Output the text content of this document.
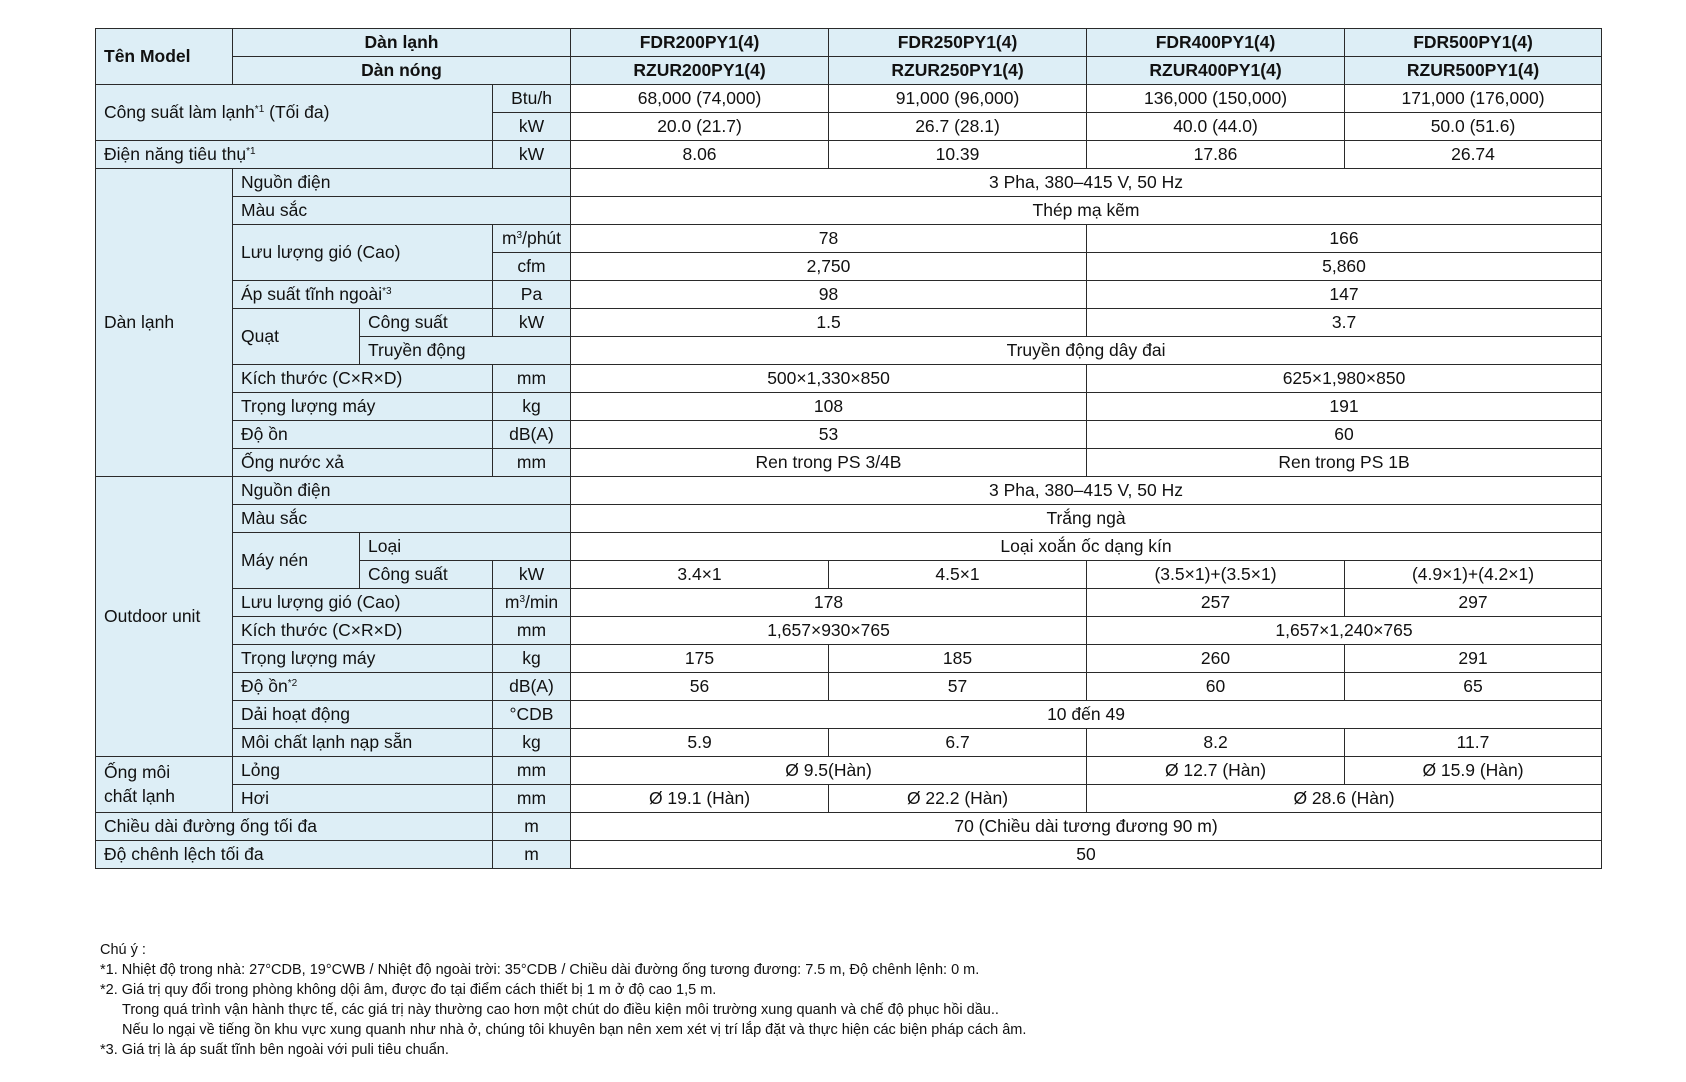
Tên Model	Dàn lạnh			FDR200PY1(4)	FDR250PY1(4)	FDR400PY1(4)	FDR500PY1(4)
	Dàn nóng			RZUR200PY1(4)	RZUR250PY1(4)	RZUR400PY1(4)	RZUR500PY1(4)
Công suất làm lạnh$^{*1}$ (Tối đa)			Btu/h	68,000 (74,000)	91,000 (96,000)	136,000 (150,000)	171,000 (176,000)
			kW	20.0 (21.7)	26.7 (28.1)	40.0 (44.0)	50.0 (51.6)
Điện năng tiêu thụ$^{*1}$			kW	8.06	10.39	17.86	26.74
Dàn lạnh	Nguồn điện			3 Pha, 380–415 V, 50 Hz			
	Màu sắc			Thép mạ kẽm			
	Lưu lượng gió (Cao)		$m^3$/phút	78		166	
			cfm	2,750		5,860	
	Áp suất tĩnh ngoài$^{*3}$		Pa	98		147	
	Quạt	Công suất	kW	1.5		3.7	
		Truyền động		Truyền động dây đai			
	Kích thước (C×R×D)		mm	500×1,330×850		625×1,980×850	
	Trọng lượng máy		kg	108		191	
	Độ ồn		dB(A)	53		60	
	Ống nước xả		mm	Ren trong PS 3/4B		Ren trong PS 1B	
Outdoor unit	Nguồn điện			3 Pha, 380–415 V, 50 Hz			
	Màu sắc			Trắng ngà			
	Máy nén	Loại		Loại xoắn ốc dạng kín			
		Công suất	kW	3.4×1	4.5×1	(3.5×1)+(3.5×1)	(4.9×1)+(4.2×1)
	Lưu lượng gió (Cao)		$m^3/\min$	178		257	297
	Kích thước (C×R×D)		mm	1,657×930×765		1,657×1,240×765	
	Trọng lượng máy		kg	175	185	260	291
	Độ ồn$^{*2}$		dB(A)	56	57	60	65
	Dải hoạt động		°CDB	10 đến 49			
	Môi chất lạnh nạp sẵn		kg	5.9	6.7	8.2	11.7
Ống môi
chất lạnh	Lỏng		mm	Ø 9.5(Hàn)		Ø 12.7 (Hàn)	Ø 15.9 (Hàn)
	Hơi		mm	Ø 19.1 (Hàn)	Ø 22.2 (Hàn)	Ø 28.6 (Hàn)	
Chiều dài đường ống tối đa			m	70 (Chiều dài tương đương 90 m)			
Độ chênh lệch tối đa			m	50			
Chú ý :
*1. Nhiệt độ trong nhà: 27°CDB, 19°CWB / Nhiệt độ ngoài trời: 35°CDB / Chiều dài đường ống tương đương: 7.5 m, Độ chênh lệnh: 0 m.
*2. Giá trị quy đổi trong phòng không dội âm, được đo tại điểm cách thiết bị 1 m ở độ cao 1,5 m.
Trong quá trình vận hành thực tế, các giá trị này thường cao hơn một chút do điều kiện môi trường xung quanh và chế độ phục hồi dầu..
Nếu lo ngại về tiếng ồn khu vực xung quanh như nhà ở, chúng tôi khuyên bạn nên xem xét vị trí lắp đặt và thực hiện các biện pháp cách âm.
*3. Giá trị là áp suất tĩnh bên ngoài với puli tiêu chuẩn.
